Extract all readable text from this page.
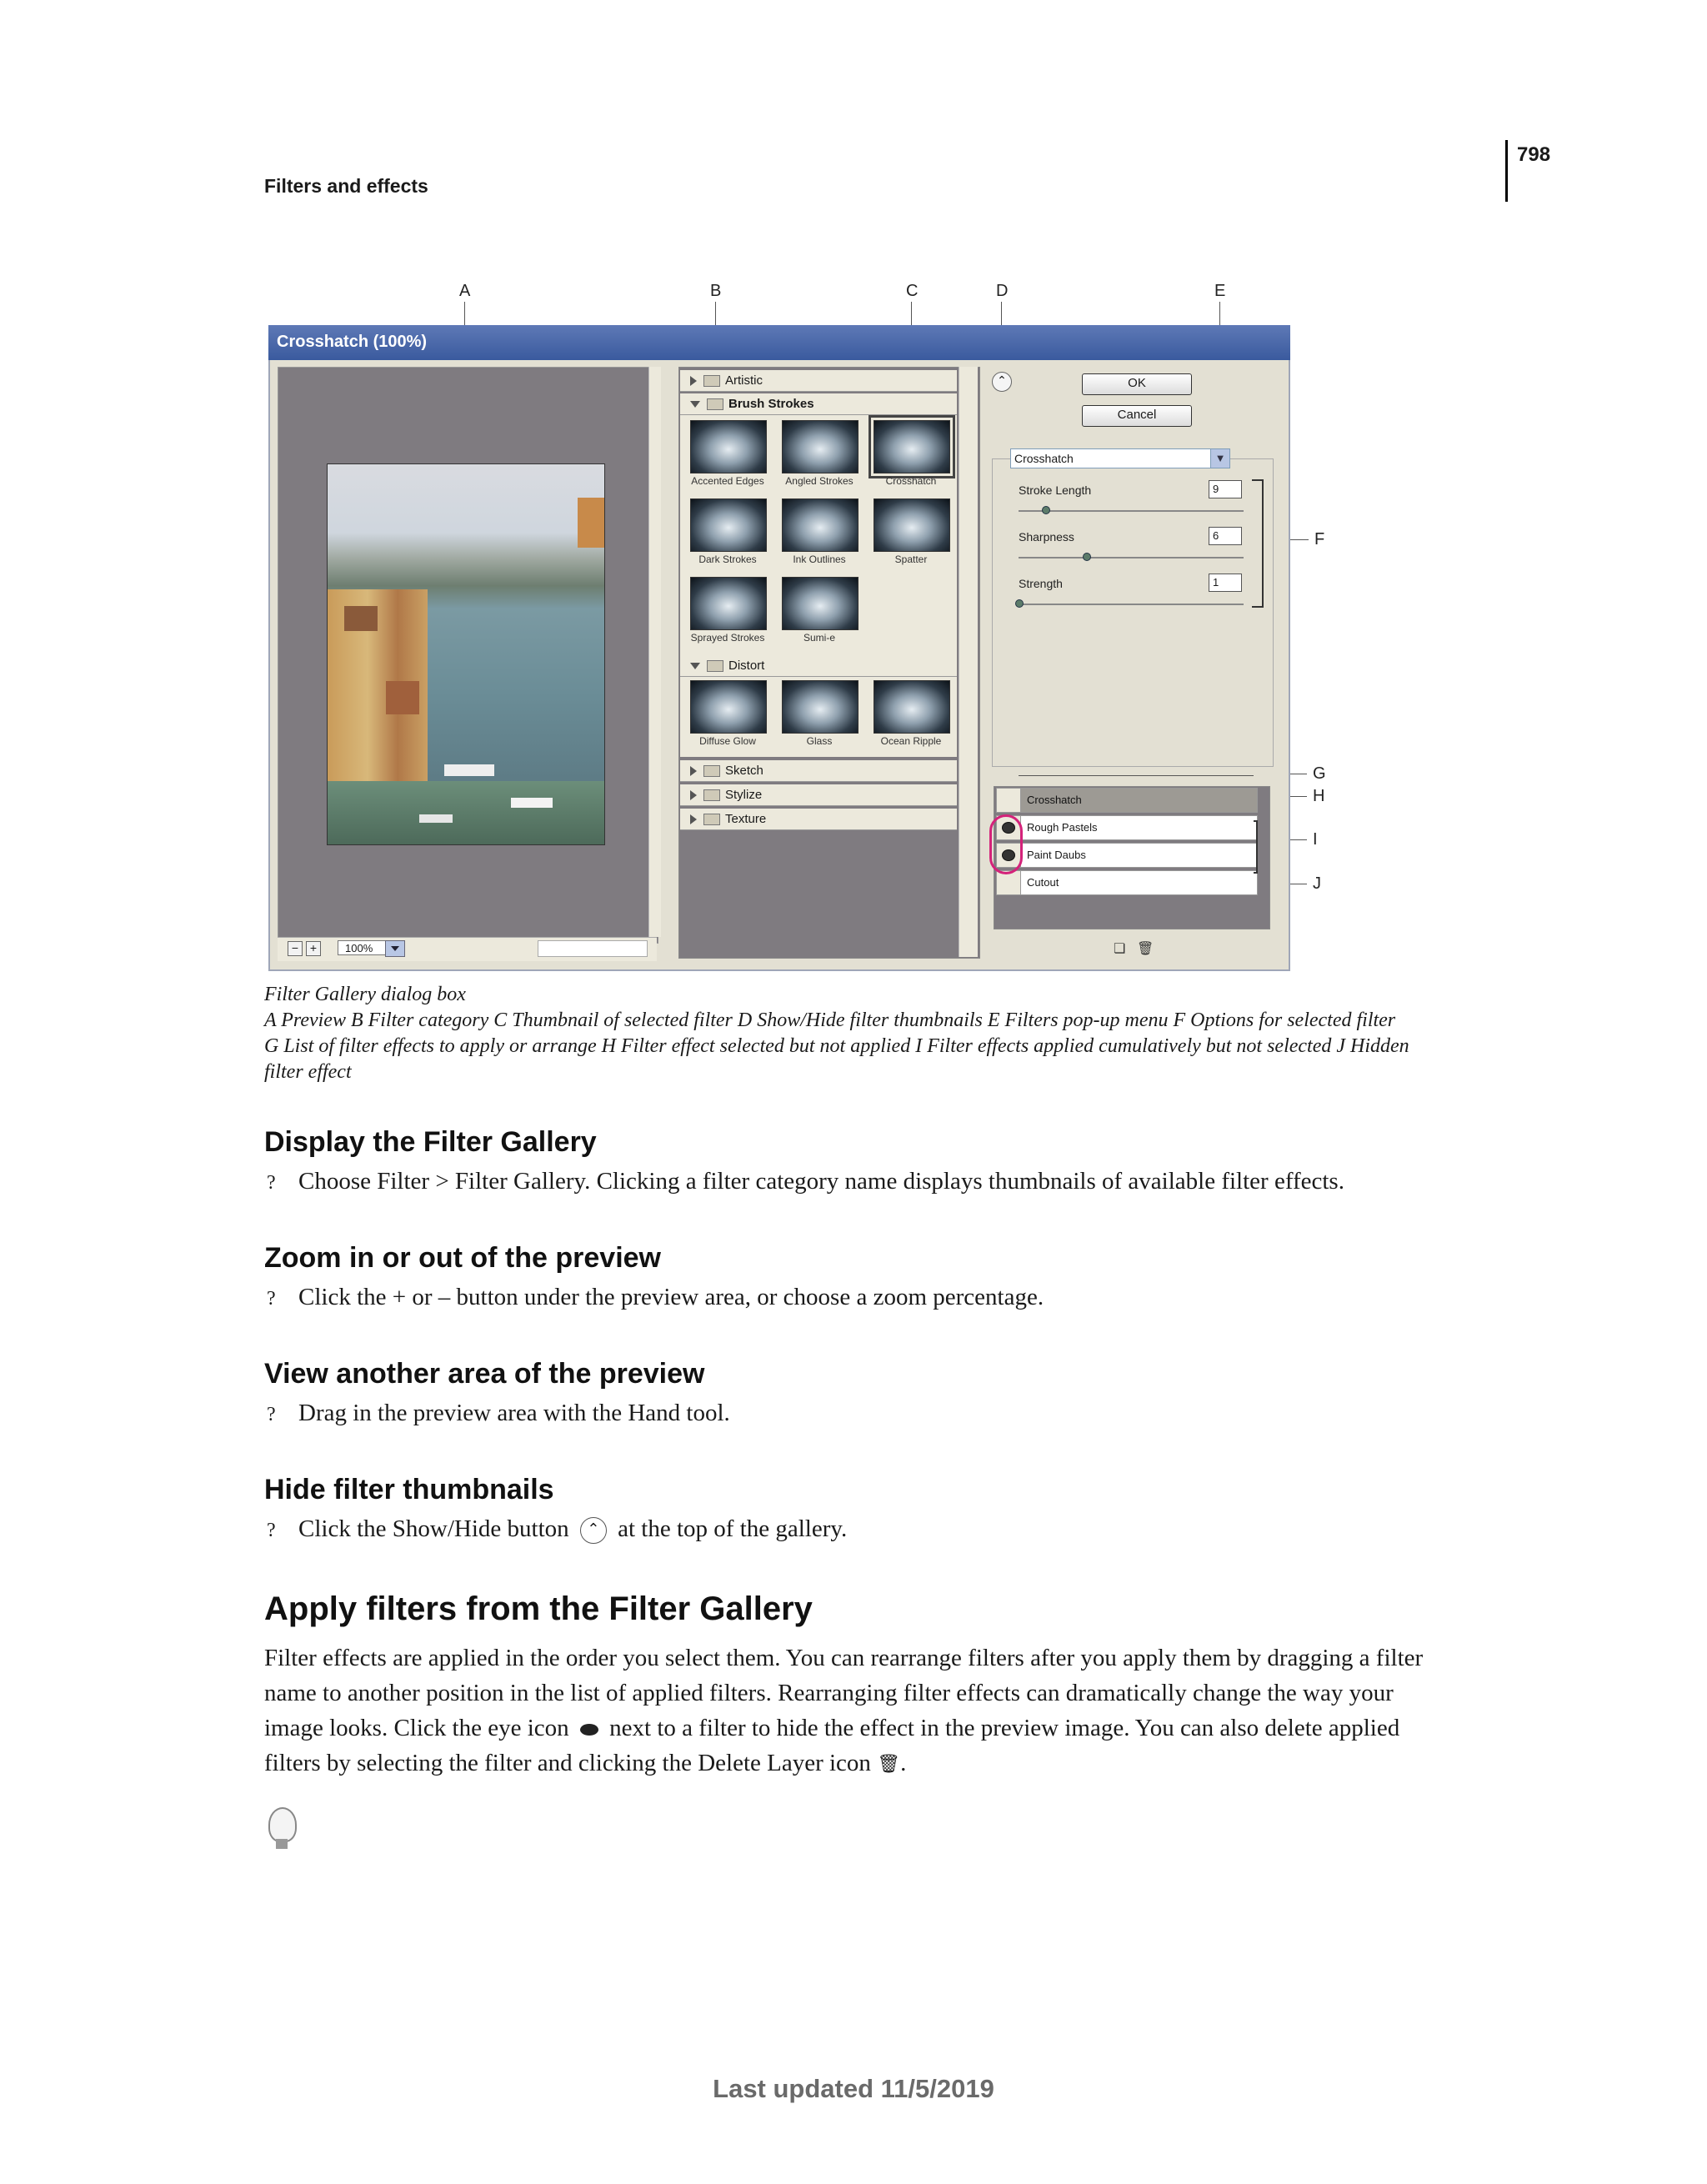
798
Filters and effects
A	B	C	D	E
F
G
H
I
J
Crosshatch (100%)
− +	100%
Artistic
Brush Strokes
Accented Edges	Angled Strokes	Crosshatch
Dark Strokes	Ink Outlines	Spatter
Sprayed Strokes	Sumi-e
Distort
Diffuse Glow	Glass	Ocean Ripple
Sketch
Stylize
Texture
⌃	OK
Cancel
Crosshatch	▼
Stroke Length	9
Sharpness	6
Strength	1
Crosshatch
Rough Pastels
Paint Daubs
Cutout
❏ 🗑
Filter Gallery dialog box
A Preview B Filter category C Thumbnail of selected filter D Show/Hide filter thumbnails E Filters pop-up menu F Options for selected filter
G List of filter effects to apply or arrange H Filter effect selected but not applied I Filter effects applied cumulatively but not selected J Hidden
filter effect
Display the Filter Gallery
? Choose Filter > Filter Gallery. Clicking a filter category name displays thumbnails of available filter effects.
Zoom in or out of the preview
? Click the + or – button under the preview area, or choose a zoom percentage.
View another area of the preview
? Drag in the preview area with the Hand tool.
Hide filter thumbnails
? Click the Show/Hide button ⌃ at the top of the gallery.
Apply filters from the Filter Gallery
Filter effects are applied in the order you select them. You can rearrange filters after you apply them by dragging a filter
name to another position in the list of applied filters. Rearranging filter effects can dramatically change the way your
image looks. Click the eye icon next to a filter to hide the effect in the preview image. You can also delete applied
filters by selecting the filter and clicking the Delete Layer icon 🗑.
Last updated 11/5/2019
